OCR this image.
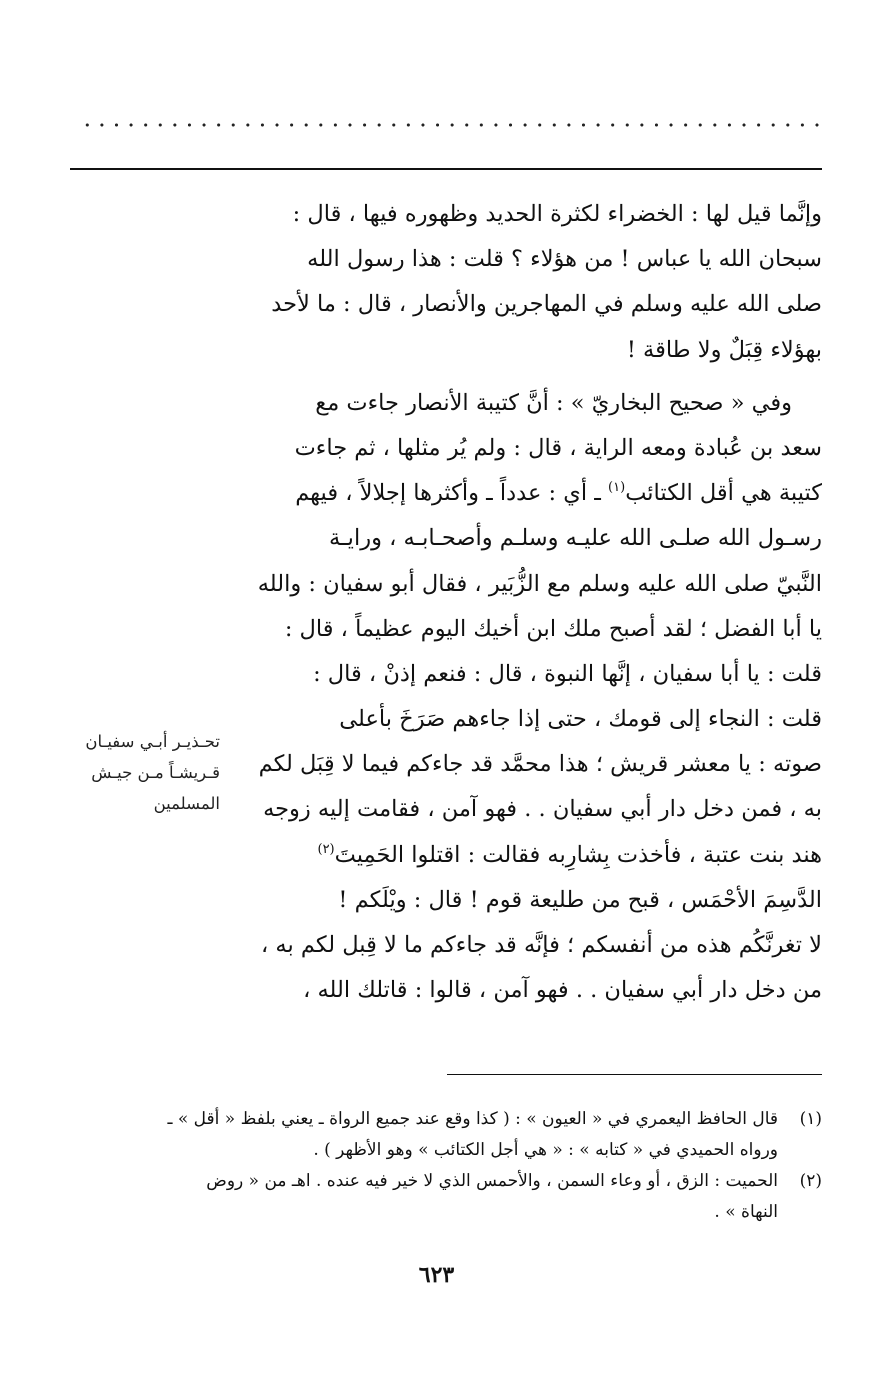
وإنَّما قيل لها : الخضراء لكثرة الحديد وظهوره فيها ، قال :
سبحان الله يا عباس ! من هؤلاء ؟ قلت : هذا رسول الله
صلى الله عليه وسلم في المهاجرين والأنصار ، قال : ما لأحد
بهؤلاء قِبَلٌ ولا طاقة !

وفي « صحيح البخاريّ » : أنَّ كتيبة الأنصار جاءت مع
سعد بن عُبادة ومعه الراية ، قال : ولم يُر مثلها ، ثم جاءت
كتيبة هي أقل الكتائب$^{(١)}$ ـ أي : عدداً ـ وأكثرها إجلالاً ، فيهم
رسـول الله صلـى الله عليـه وسلـم وأصحـابـه ، ورايـة
النَّبيّ صلى الله عليه وسلم مع الزُّبَير ، فقال أبو سفيان : والله
يا أبا الفضل ؛ لقد أصبح ملك ابن أخيك اليوم عظيماً ، قال :
قلت : يا أبا سفيان ، إنَّها النبوة ، قال : فنعم إذنْ ، قال :
قلت : النجاء إلى قومك ، حتى إذا جاءهم صَرَخَ بأعلى
صوته : يا معشر قريش ؛ هذا محمَّد قد جاءكم فيما لا قِبَل لكم
به ، فمن دخل دار أبي سفيان . . فهو آمن ، فقامت إليه زوجه
هند بنت عتبة ، فأخذت بِشارِبه فقالت : اقتلوا الحَمِيتَ$^{(٢)}$
الدَّسِمَ الأحْمَس ، قبح من طليعة قوم ! قال : ويْلَكم !
لا تغرنَّكُم هذه من أنفسكم ؛ فإنَّه قد جاءكم ما لا قِبل لكم به ،
من دخل دار أبي سفيان . . فهو آمن ، قالوا : قاتلك الله ،

تحـذيـر أبـي سفيـان
قـريشـاً مـن جيـش
المسلمين
(١)
قال الحافظ اليعمري في « العيون » : ( كذا وقع عند جميع الرواة ـ يعني بلفظ « أقل » ـ
ورواه الحميدي في « كتابه » : « هي أجل الكتائب » وهو الأظهر ) .
(٢)
الحميت : الزق ، أو وعاء السمن ، والأحمس الذي لا خير فيه عنده . اهـ من « روض
النهاة » .
٦٢٣
